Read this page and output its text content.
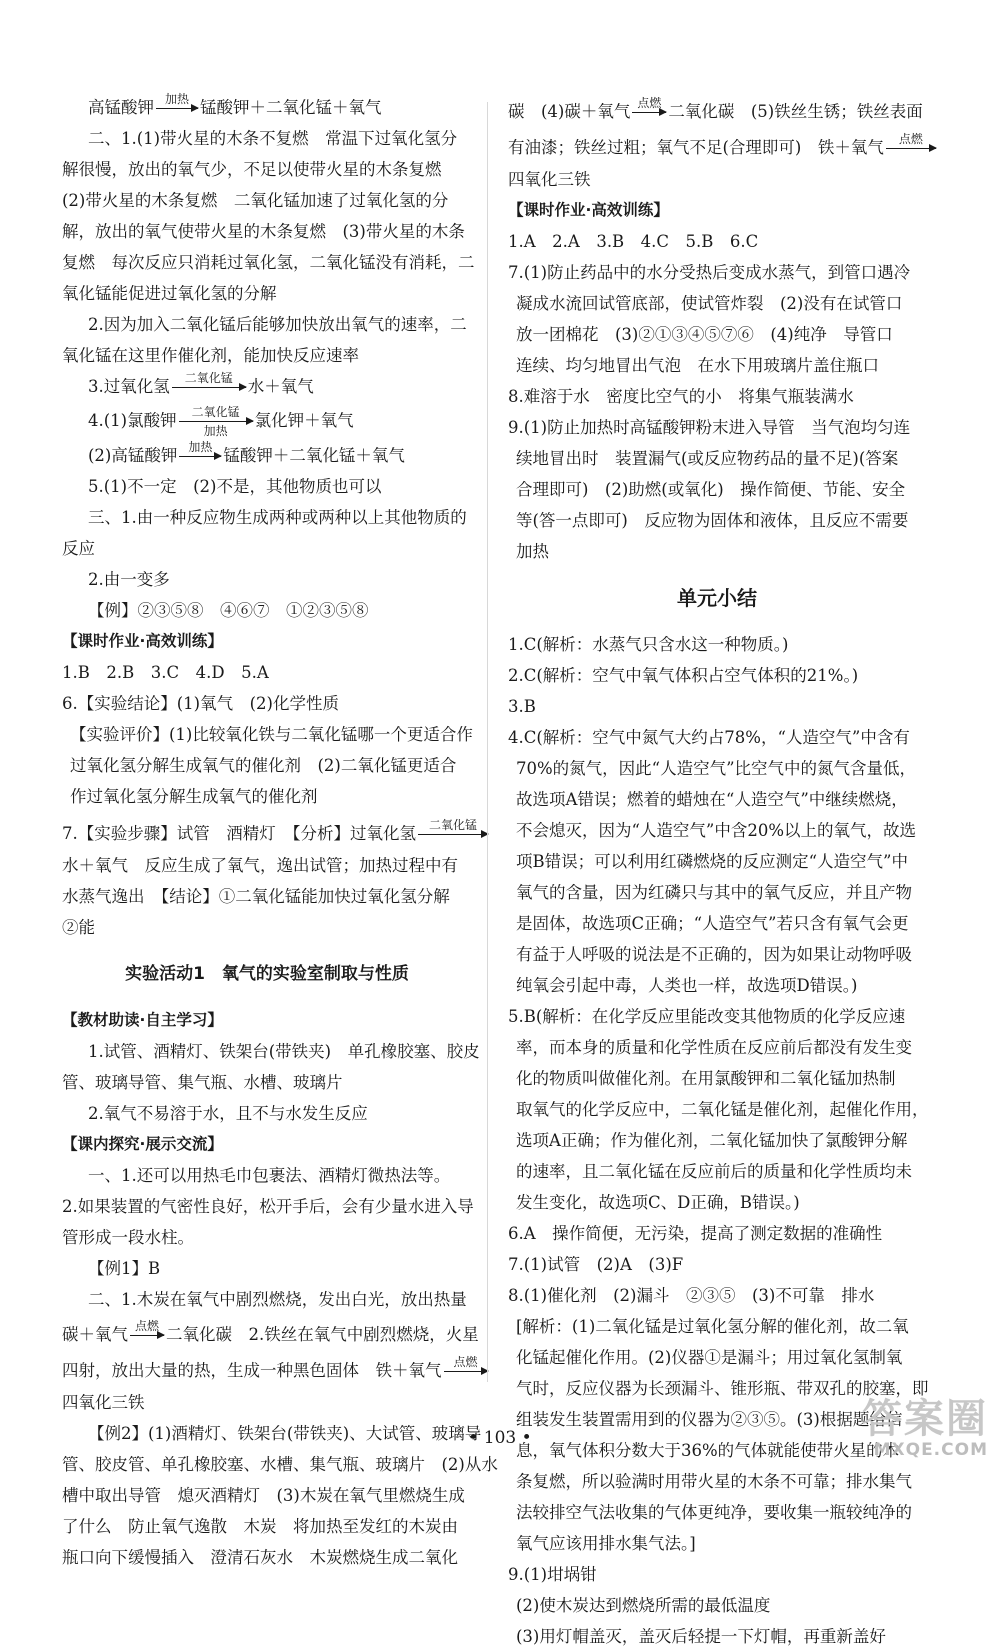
高锰酸钾 加热 锰酸钾＋二氧化锰＋氧气
二、1.(1)带火星的木条不复燃　常温下过氧化氢分
解很慢，放出的氧气少，不足以使带火星的木条复燃
(2)带火星的木条复燃　二氧化锰加速了过氧化氢的分
解，放出的氧气使带火星的木条复燃　(3)带火星的木条
复燃　每次反应只消耗过氧化氢，二氧化锰没有消耗，二
氧化锰能促进过氧化氢的分解
2.因为加入二氧化锰后能够加快放出氧气的速率，二
氧化锰在这里作催化剂，能加快反应速率
3.过氧化氢	二氧化锰 水＋氧气
4.(1)氯酸钾	二氧化锰
加热
氯化钾＋氧气
(2)高锰酸钾 加热 锰酸钾＋二氧化锰＋氧气
5.(1)不一定　(2)不是，其他物质也可以
三、1.由一种反应物生成两种或两种以上其他物质的
反应
2.由一变多
【例】②③⑤⑧　④⑥⑦　①②③⑤⑧
【课时作业·高效训练】
1.B　2.B　3.C　4.D　5.A
6.【实验结论】(1)氧气　(2)化学性质
【实验评价】(1)比较氧化铁与二氧化锰哪一个更适合作
过氧化氢分解生成氧气的催化剂　(2)二氧化锰更适合
作过氧化氢分解生成氧气的催化剂
7.【实验步骤】试管　酒精灯　【分析】过氧化氢	二氧化锰
水＋氧气　反应生成了氧气，逸出试管；加热过程中有
水蒸气逸出　【结论】①二氧化锰能加快过氧化氢分解
②能
实验活动1　氧气的实验室制取与性质
【教材助读·自主学习】
1.试管、酒精灯、铁架台(带铁夹)　单孔橡胶塞、胶皮
管、玻璃导管、集气瓶、水槽、玻璃片
2.氧气不易溶于水，且不与水发生反应
【课内探究·展示交流】
一、1.还可以用热毛巾包裹法、酒精灯微热法等。
2.如果装置的气密性良好，松开手后，会有少量水进入导
管形成一段水柱。
【例1】B
二、1.木炭在氧气中剧烈燃烧，发出白光，放出热量
碳＋氧气 点燃 二氧化碳　2.铁丝在氧气中剧烈燃烧，火星
四射，放出大量的热，生成一种黑色固体　铁＋氧气 点燃
四氧化三铁
【例2】(1)酒精灯、铁架台(带铁夹)、大试管、玻璃导
管、胶皮管、单孔橡胶塞、水槽、集气瓶、玻璃片　(2)从水
槽中取出导管　熄灭酒精灯　(3)木炭在氧气里燃烧生成
了什么　防止氧气逸散　木炭　将加热至发红的木炭由
瓶口向下缓慢插入　澄清石灰水　木炭燃烧生成二氧化
碳　(4)碳＋氧气 点燃 二氧化碳　(5)铁丝生锈；铁丝表面
有油漆；铁丝过粗；氧气不足(合理即可)　铁＋氧气	点燃
四氧化三铁
【课时作业·高效训练】
1.A　2.A　3.B　4.C　5.B　6.C
7.(1)防止药品中的水分受热后变成水蒸气，到管口遇冷
凝成水流回试管底部，使试管炸裂　(2)没有在试管口
放一团棉花　(3)②①③④⑤⑦⑥　(4)纯净　导管口
连续、均匀地冒出气泡　在水下用玻璃片盖住瓶口
8.难溶于水　密度比空气的小　将集气瓶装满水
9.(1)防止加热时高锰酸钾粉末进入导管　当气泡均匀连
续地冒出时　装置漏气(或反应物药品的量不足)(答案
合理即可)　(2)助燃(或氧化)　操作简便、节能、安全
等(答一点即可)　反应物为固体和液体，且反应不需要
加热
单元小结
1.C(解析：水蒸气只含水这一种物质。)
2.C(解析：空气中氧气体积占空气体积的21%。)
3.B
4.C(解析：空气中氮气大约占78%，“人造空气”中含有
70%的氮气，因此“人造空气”比空气中的氮气含量低，
故选项A错误；燃着的蜡烛在“人造空气”中继续燃烧，
不会熄灭，因为“人造空气”中含20%以上的氧气，故选
项B错误；可以利用红磷燃烧的反应测定“人造空气”中
氧气的含量，因为红磷只与其中的氧气反应，并且产物
是固体，故选项C正确；“人造空气”若只含有氧气会更
有益于人呼吸的说法是不正确的，因为如果让动物呼吸
纯氧会引起中毒，人类也一样，故选项D错误。)
5.B(解析：在化学反应里能改变其他物质的化学反应速
率，而本身的质量和化学性质在反应前后都没有发生变
化的物质叫做催化剂。在用氯酸钾和二氧化锰加热制
取氧气的化学反应中，二氧化锰是催化剂，起催化作用，
选项A正确；作为催化剂，二氧化锰加快了氯酸钾分解
的速率，且二氧化锰在反应前后的质量和化学性质均未
发生变化，故选项C、D正确，B错误。)
6.A　操作简便，无污染，提高了测定数据的准确性
7.(1)试管　(2)A　(3)F
8.(1)催化剂　(2)漏斗　②③⑤　(3)不可靠　排水
[解析：(1)二氧化锰是过氧化氢分解的催化剂，故二氧
化锰起催化作用。(2)仪器①是漏斗；用过氧化氢制氧
气时，反应仪器为长颈漏斗、锥形瓶、带双孔的胶塞，即
组装发生装置需用到的仪器为②③⑤。(3)根据题给信
息，氧气体积分数大于36%的气体就能使带火星的木
条复燃，所以验满时用带火星的木条不可靠；排水集气
法较排空气法收集的气体更纯净，要收集一瓶较纯净的
氧气应该用排水集气法。]
9.(1)坩埚钳
(2)使木炭达到燃烧所需的最低温度
(3)用灯帽盖灭，盖灭后轻提一下灯帽，再重新盖好
• 103 •	答案圈
MXQE.COM
